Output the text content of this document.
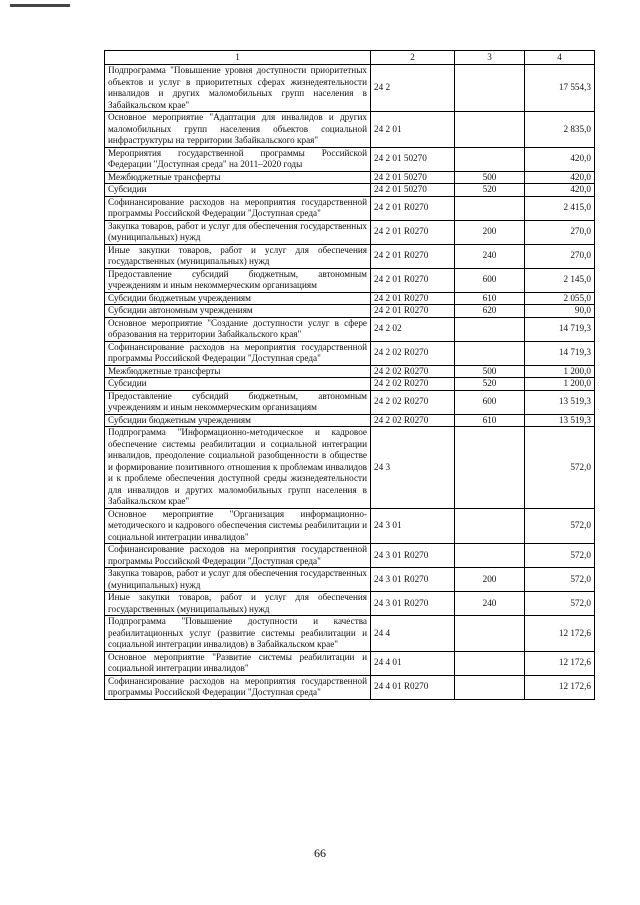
1	2	3	4
Подпрограмма "Повышение уровня доступности приоритетных объектов и услуг в приоритетных сферах жизнедеятельности инвалидов и других маломобильных групп населения в Забайкальском крае"	24 2		17 554,3
Основное мероприятие "Адаптация для инвалидов и других маломобильных групп населения объектов социальной инфраструктуры на территории Забайкальского края"	24 2 01		2 835,0
Мероприятия государственной программы Российской Федерации "Доступная среда" на 2011–2020 годы	24 2 01 50270		420,0
Межбюджетные трансферты	24 2 01 50270	500	420,0
Субсидии	24 2 01 50270	520	420,0
Софинансирование расходов на мероприятия государственной программы Российской Федерации "Доступная среда"	24 2 01 R0270		2 415,0
Закупка товаров, работ и услуг для обеспечения государственных (муниципальных) нужд	24 2 01 R0270	200	270,0
Иные закупки товаров, работ и услуг для обеспечения государственных (муниципальных) нужд	24 2 01 R0270	240	270,0
Предоставление субсидий бюджетным, автономным учреждениям и иным некоммерческим организациям	24 2 01 R0270	600	2 145,0
Субсидии бюджетным учреждениям	24 2 01 R0270	610	2 055,0
Субсидии автономным учреждениям	24 2 01 R0270	620	90,0
Основное мероприятие "Создание доступности услуг в сфере образования на территории Забайкальского края"	24 2 02		14 719,3
Софинансирование расходов на мероприятия государственной программы Российской Федерации "Доступная среда"	24 2 02 R0270		14 719,3
Межбюджетные трансферты	24 2 02 R0270	500	1 200,0
Субсидии	24 2 02 R0270	520	1 200,0
Предоставление субсидий бюджетным, автономным учреждениям и иным некоммерческим организациям	24 2 02 R0270	600	13 519,3
Субсидии бюджетным учреждениям	24 2 02 R0270	610	13 519,3
Подпрограмма "Информационно-методическое и кадровое обеспечение системы реабилитации и социальной интеграции инвалидов, преодоление социальной разобщенности в обществе и формирование позитивного отношения к проблемам инвалидов и к проблеме обеспечения доступной среды жизнедеятельности для инвалидов и других маломобильных групп населения в Забайкальском крае"	24 3		572,0
Основное мероприятие "Организация информационно-методического и кадрового обеспечения системы реабилитации и социальной интеграции инвалидов"	24 3 01		572,0
Софинансирование расходов на мероприятия государственной программы Российской Федерации "Доступная среда"	24 3 01 R0270		572,0
Закупка товаров, работ и услуг для обеспечения государственных (муниципальных) нужд	24 3 01 R0270	200	572,0
Иные закупки товаров, работ и услуг для обеспечения государственных (муниципальных) нужд	24 3 01 R0270	240	572,0
Подпрограмма "Повышение доступности и качества реабилитационных услуг (развитие системы реабилитации и социальной интеграции инвалидов) в Забайкальском крае"	24 4		12 172,6
Основное мероприятие "Развитие системы реабилитации и социальной интеграции инвалидов"	24 4 01		12 172,6
Софинансирование расходов на мероприятия государственной программы Российской Федерации "Доступная среда"	24 4 01 R0270		12 172,6
66
